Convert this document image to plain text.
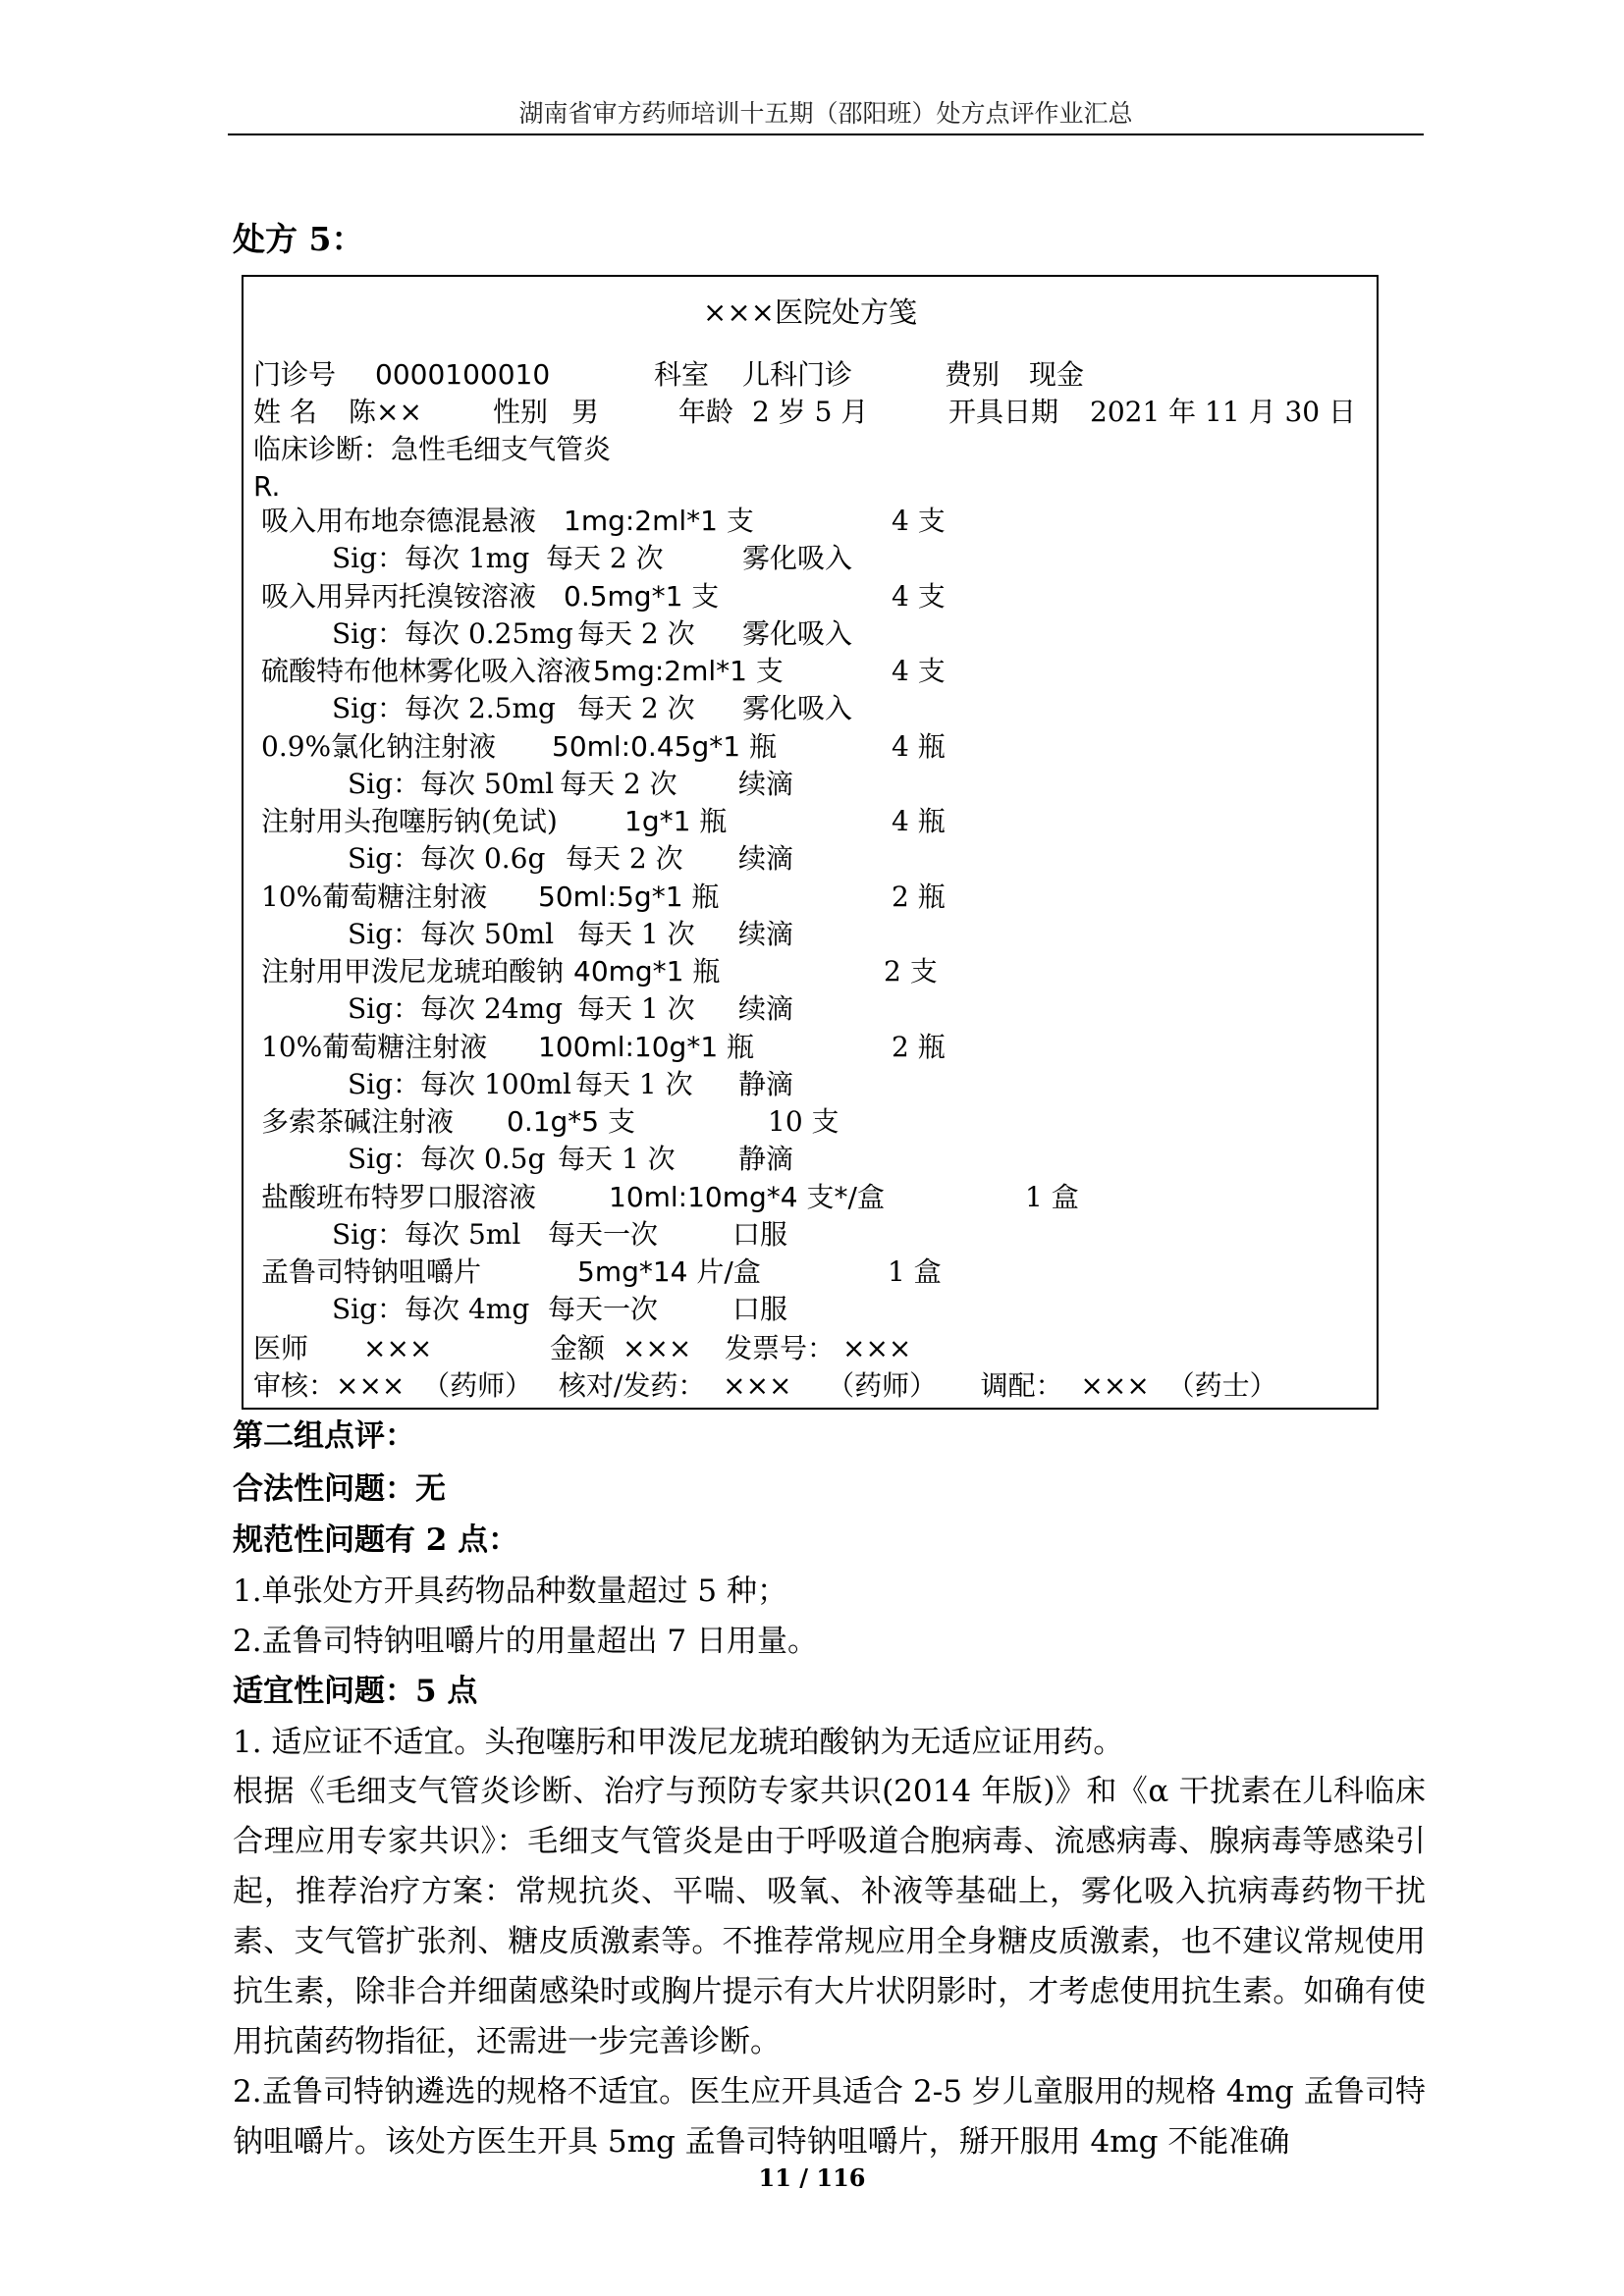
湖南省审方药师培训十五期（邵阳班）处方点评作业汇总
处方 5：
×××医院处方笺
门诊号 0000100010	科室 儿科门诊	费别 现金
姓 名 陈××	性别 男	年龄 2 岁 5 月	开具日期 2021 年 11 月 30 日
临床诊断： 急性毛细支气管炎
R.
吸入用布地奈德混悬液 1mg:2ml*1 支	4 支
Sig：每次 1mg 每天 2 次	雾化吸入
吸入用异丙托溴铵溶液 0.5mg*1 支	4 支
Sig：每次 0.25mg 每天 2 次 雾化吸入
硫酸特布他林雾化吸入溶液 5mg:2ml*1 支	4 支
Sig：每次 2.5mg 每天 2 次 雾化吸入
0.9%氯化钠注射液 50ml:0.45g*1 瓶	4 瓶
Sig：每次 50ml 每天 2 次 续滴
注射用头孢噻肟钠(免试) 1g*1 瓶	4 瓶
Sig：每次 0.6g 每天 2 次 续滴
10%葡萄糖注射液 50ml:5g*1 瓶	2 瓶
Sig：每次 50ml 每天 1 次 续滴
注射用甲泼尼龙琥珀酸钠 40mg*1 瓶	2 支
Sig：每次 24mg 每天 1 次 续滴
10%葡萄糖注射液 100ml:10g*1 瓶	2 瓶
Sig：每次 100ml 每天 1 次 静滴
多索茶碱注射液 0.1g*5 支	10 支
Sig：每次 0.5g 每天 1 次 静滴
盐酸班布特罗口服溶液	10ml:10mg*4 支*/盒	1 盒
Sig：每次 5ml 每天一次	口服
孟鲁司特钠咀嚼片	5mg*14 片/盒	1 盒
Sig：每次 4mg 每天一次	口服
医师 ×××	金额 ××× 发票号： ×××
审核：×××  （药师）   核对/发药：  ×××    （药师）     调配：  ×××  （药士）
第二组点评：
合法性问题：无
规范性问题有 2 点：
1.单张处方开具药物品种数量超过 5 种；
2.孟鲁司特钠咀嚼片的用量超出 7 日用量。
适宜性问题：5 点
1. 适应证不适宜。头孢噻肟和甲泼尼龙琥珀酸钠为无适应证用药。

根据《毛细支气管炎诊断、治疗与预防专家共识(2014 年版)》和《α 干扰素在儿科临床合理应用专家共识》：毛细支气管炎是由于呼吸道合胞病毒、流感病毒、腺病毒等感染引起，推荐治疗方案：常规抗炎、平喘、吸氧、补液等基础上，雾化吸入抗病毒药物干扰素、支气管扩张剂、糖皮质激素等。不推荐常规应用全身糖皮质激素，也不建议常规使用抗生素，除非合并细菌感染时或胸片提示有大片状阴影时，才考虑使用抗生素。如确有使用抗菌药物指征，还需进一步完善诊断。

2.孟鲁司特钠遴选的规格不适宜。医生应开具适合 2-5 岁儿童服用的规格 4mg 孟鲁司特钠咀嚼片。该处方医生开具 5mg 孟鲁司特钠咀嚼片，掰开服用 4mg 不能准确

11 / 116
